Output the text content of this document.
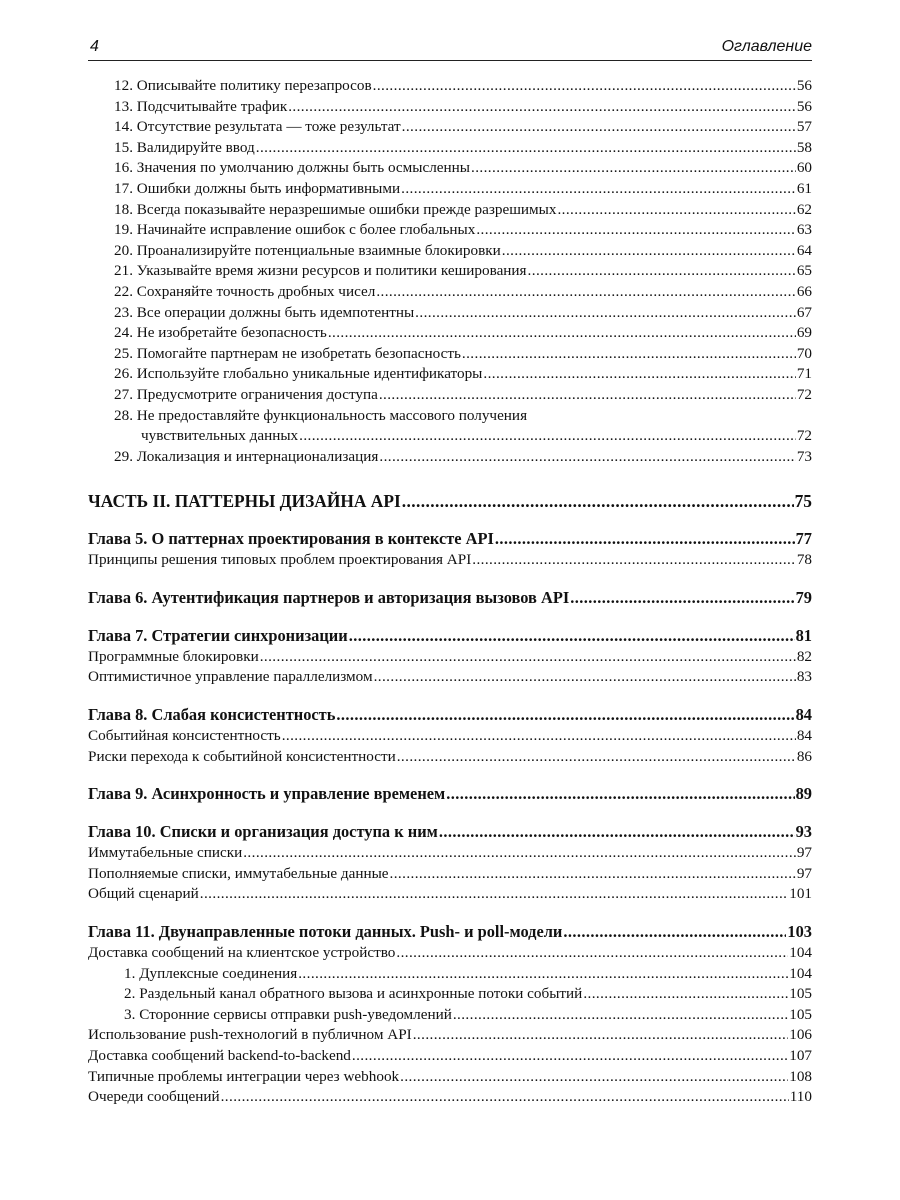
4	Оглавление
12. Описывайте политику перезапросов .....	56
13. Подсчитывайте трафик .....	56
14. Отсутствие результата — тоже результат .....	57
15. Валидируйте ввод .....	58
16. Значения по умолчанию должны быть осмысленны .....	60
17. Ошибки должны быть информативными .....	61
18. Всегда показывайте неразрешимые ошибки прежде разрешимых .....	62
19. Начинайте исправление ошибок с более глобальных .....	63
20. Проанализируйте потенциальные взаимные блокировки .....	64
21. Указывайте время жизни ресурсов и политики кеширования .....	65
22. Сохраняйте точность дробных чисел .....	66
23. Все операции должны быть идемпотентны .....	67
24. Не изобретайте безопасность .....	69
25. Помогайте партнерам не изобретать безопасность .....	70
26. Используйте глобально уникальные идентификаторы .....	71
27. Предусмотрите ограничения доступа .....	72
28. Не предоставляйте функциональность массового получения
чувствительных данных .....	72
29. Локализация и интернационализация .....	73
ЧАСТЬ II. ПАТТЕРНЫ ДИЗАЙНА API .....	75
Глава 5. О паттернах проектирования в контексте API .....	77
Принципы решения типовых проблем проектирования API .....	78
Глава 6. Аутентификация партнеров и авторизация вызовов API .....	79
Глава 7. Стратегии синхронизации .....	81
Программные блокировки .....	82
Оптимистичное управление параллелизмом .....	83
Глава 8. Слабая консистентность .....	84
Событийная консистентность .....	84
Риски перехода к событийной консистентности .....	86
Глава 9. Асинхронность и управление временем .....	89
Глава 10. Списки и организация доступа к ним .....	93
Иммутабельные списки .....	97
Пополняемые списки, иммутабельные данные .....	97
Общий сценарий .....	101
Глава 11. Двунаправленные потоки данных. Push- и poll-модели .....	103
Доставка сообщений на клиентское устройство .....	104
1. Дуплексные соединения .....	104
2. Раздельный канал обратного вызова и асинхронные потоки событий .....	105
3. Сторонние сервисы отправки push-уведомлений .....	105
Использование push-технологий в публичном API .....	106
Доставка сообщений backend-to-backend .....	107
Типичные проблемы интеграции через webhook .....	108
Очереди сообщений .....	110
